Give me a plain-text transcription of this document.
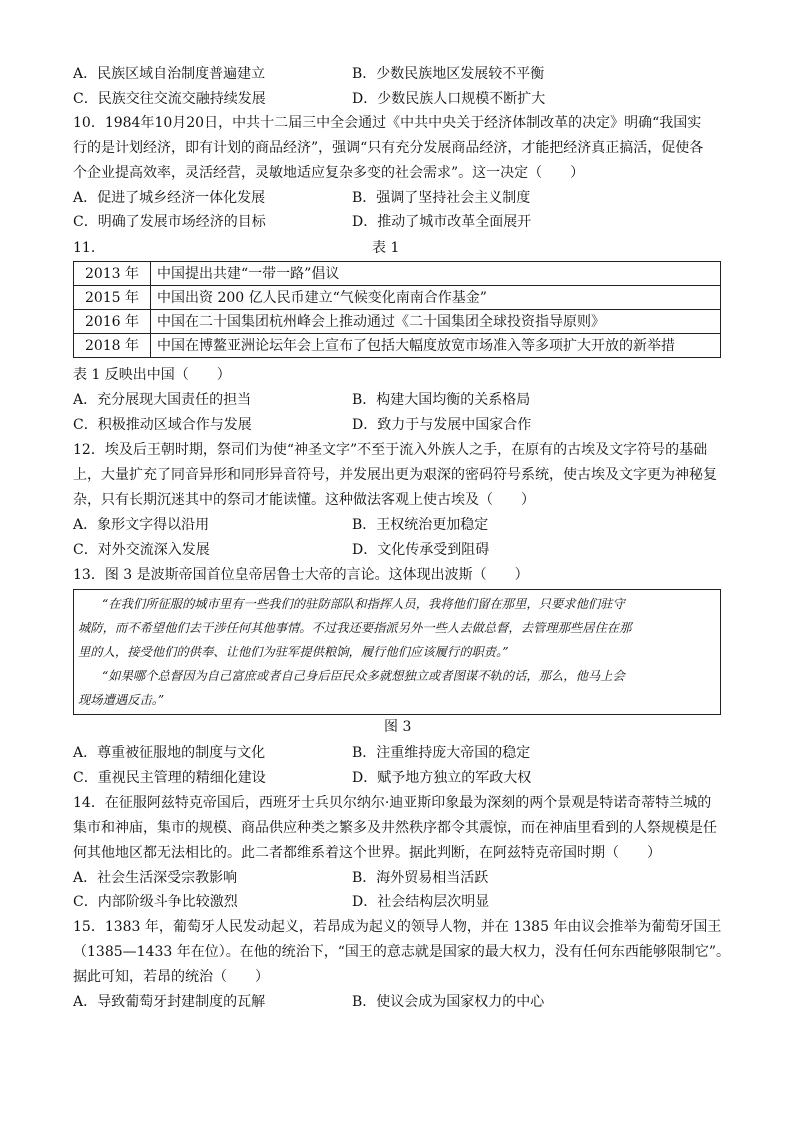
A．民族区域自治制度普遍建立	B．少数民族地区发展较不平衡
C．民族交往交流交融持续发展	D．少数民族人口规模不断扩大
10．1984年10月20日，中共十二届三中全会通过《中共中央关于经济体制改革的决定》明确“我国实
行的是计划经济，即有计划的商品经济”，强调“只有充分发展商品经济，才能把经济真正搞活，促使各
个企业提高效率，灵活经营，灵敏地适应复杂多变的社会需求”。这一决定（　　）
A．促进了城乡经济一体化发展	B．强调了坚持社会主义制度
C．明确了发展市场经济的目标	D．推动了城市改革全面展开
11．	表 1
2013 年	中国提出共建“一带一路”倡议
2015 年	中国出资 200 亿人民币建立“气候变化南南合作基金”
2016 年	中国在二十国集团杭州峰会上推动通过《二十国集团全球投资指导原则》
2018 年	中国在博鳌亚洲论坛年会上宣布了包括大幅度放宽市场准入等多项扩大开放的新举措
表 1 反映出中国（　　）
A．充分展现大国责任的担当	B．构建大国均衡的关系格局
C．积极推动区域合作与发展	D．致力于与发展中国家合作
12．埃及后王朝时期，祭司们为使“神圣文字”不至于流入外族人之手，在原有的古埃及文字符号的基础
上，大量扩充了同音异形和同形异音符号，并发展出更为艰深的密码符号系统，使古埃及文字更为神秘复
杂，只有长期沉迷其中的祭司才能读懂。这种做法客观上使古埃及（　　）
A．象形文字得以沿用	B．王权统治更加稳定
C．对外交流深入发展	D．文化传承受到阻碍
13．图 3 是波斯帝国首位皇帝居鲁士大帝的言论。这体现出波斯（　　）
“在我们所征服的城市里有一些我们的驻防部队和指挥人员，我将他们留在那里，只要求他们驻守
城防，而不希望他们去干涉任何其他事情。不过我还要指派另外一些人去做总督，去管理那些居住在那
里的人，接受他们的供奉、让他们为驻军提供粮饷，履行他们应该履行的职责。”
“如果哪个总督因为自己富庶或者自己身后臣民众多就想独立或者图谋不轨的话，那么，他马上会
现场遭遇反击。”
图 3
A．尊重被征服地的制度与文化	B．注重维持庞大帝国的稳定
C．重视民主管理的精细化建设	D．赋予地方独立的军政大权
14．在征服阿兹特克帝国后，西班牙士兵贝尔纳尔·迪亚斯印象最为深刻的两个景观是特诺奇蒂特兰城的
集市和神庙，集市的规模、商品供应种类之繁多及井然秩序都令其震惊，而在神庙里看到的人祭规模是任
何其他地区都无法相比的。此二者都维系着这个世界。据此判断，在阿兹特克帝国时期（　　）
A．社会生活深受宗教影响	B．海外贸易相当活跃
C．内部阶级斗争比较激烈	D．社会结构层次明显
15．1383 年，葡萄牙人民发动起义，若昂成为起义的领导人物，并在 1385 年由议会推举为葡萄牙国王
（1385—1433 年在位）。在他的统治下，“国王的意志就是国家的最大权力，没有任何东西能够限制它”。
据此可知，若昂的统治（　　）
A．导致葡萄牙封建制度的瓦解	B．使议会成为国家权力的中心
